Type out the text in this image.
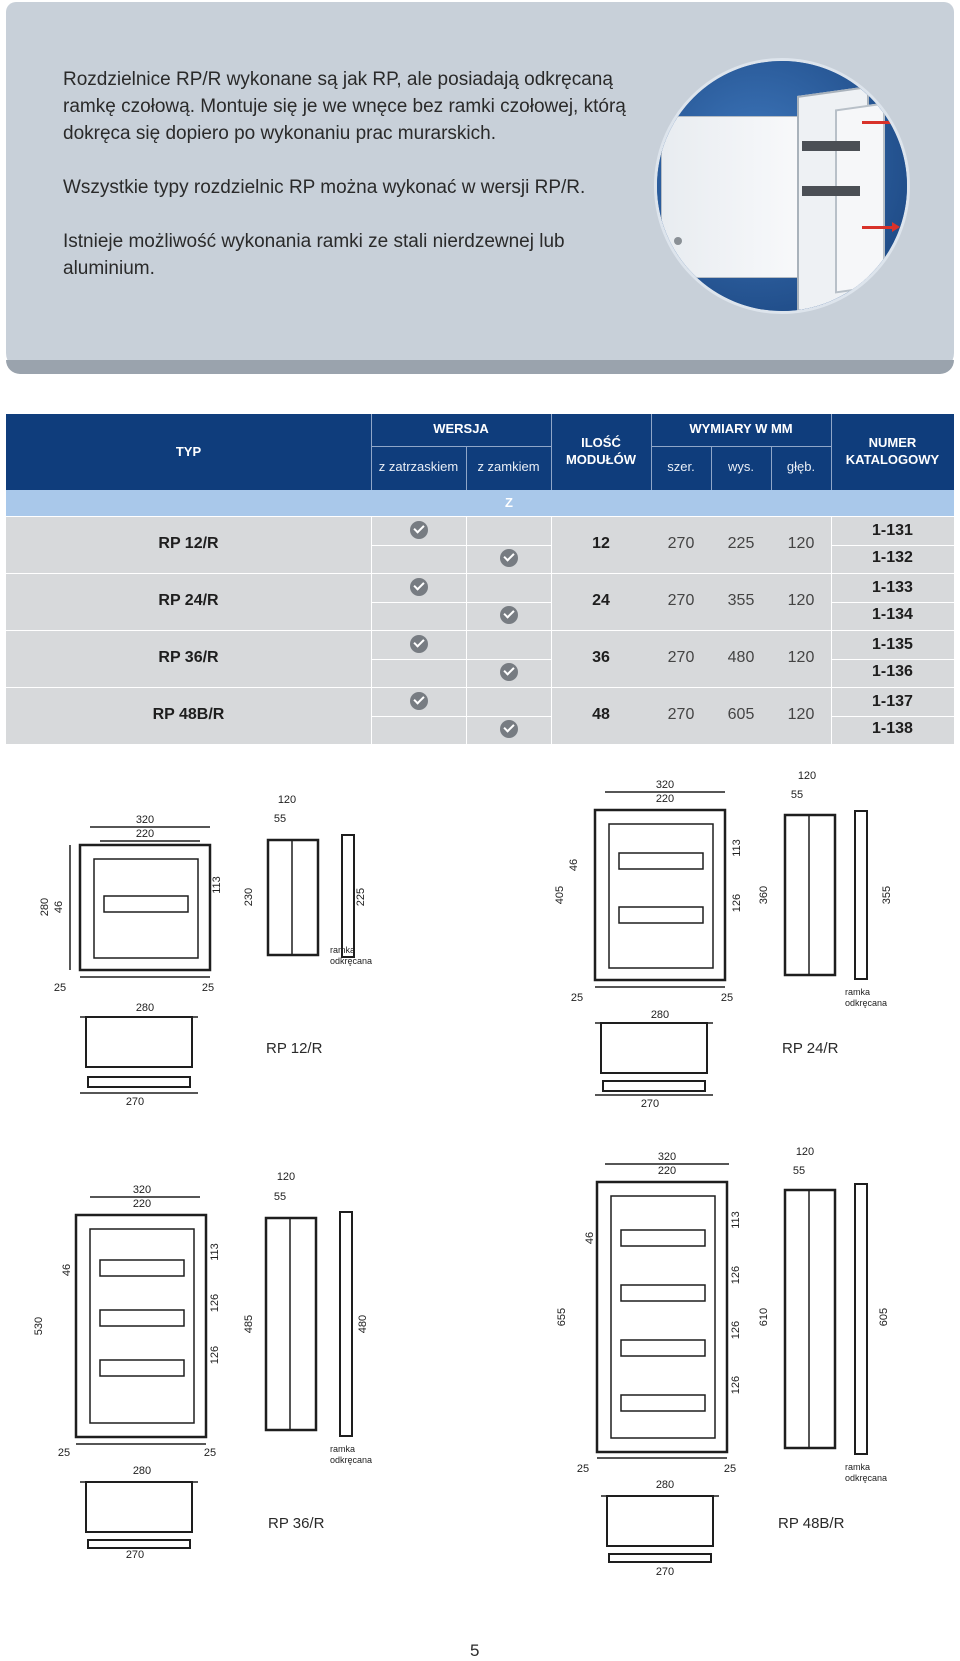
Rozdzielnice RP/R wykonane są jak RP, ale posiadają odkręcaną ramkę czołową. Montuje się je we wnęce bez ramki czołowej, którą dokręca się dopiero po wykonaniu prac murarskich.

Wszystkie typy rozdzielnic RP można wykonać w wersji RP/R.

Istnieje możliwość wykonania ramki ze stali nierdzewnej lub aluminium.

TYP
WERSJA
z zatrzaskiem	z zamkiem
ILOŚĆ
MODUŁÓW
WYMIARY W MM
szer.	wys.	głęb.
NUMER
KATALOGOWY
Z
RP 12/R	12	270	225	120
1-131
1-132
RP 24/R	24	270	355	120
1-133
1-134
RP 36/R	36	270	480	120
1-135
1-136
RP 48B/R	48	270	605	120
1-137
1-138
320
220
280 46
113
25	25
280
270
120
55
230	225
ramka
odkręcana
RP 12/R
320
220
405
46
113
126
25	25
280
270
120
55
360	355
ramka
odkręcana
RP 24/R
320
220
530
46
113
126
126
25	25
280
270
120
55
485	480
ramka
odkręcana
RP 36/R
320
220
655
46
113
126
126
126
25	25
280
270
120
55
610	605
ramka
odkręcana
RP 48B/R
5
